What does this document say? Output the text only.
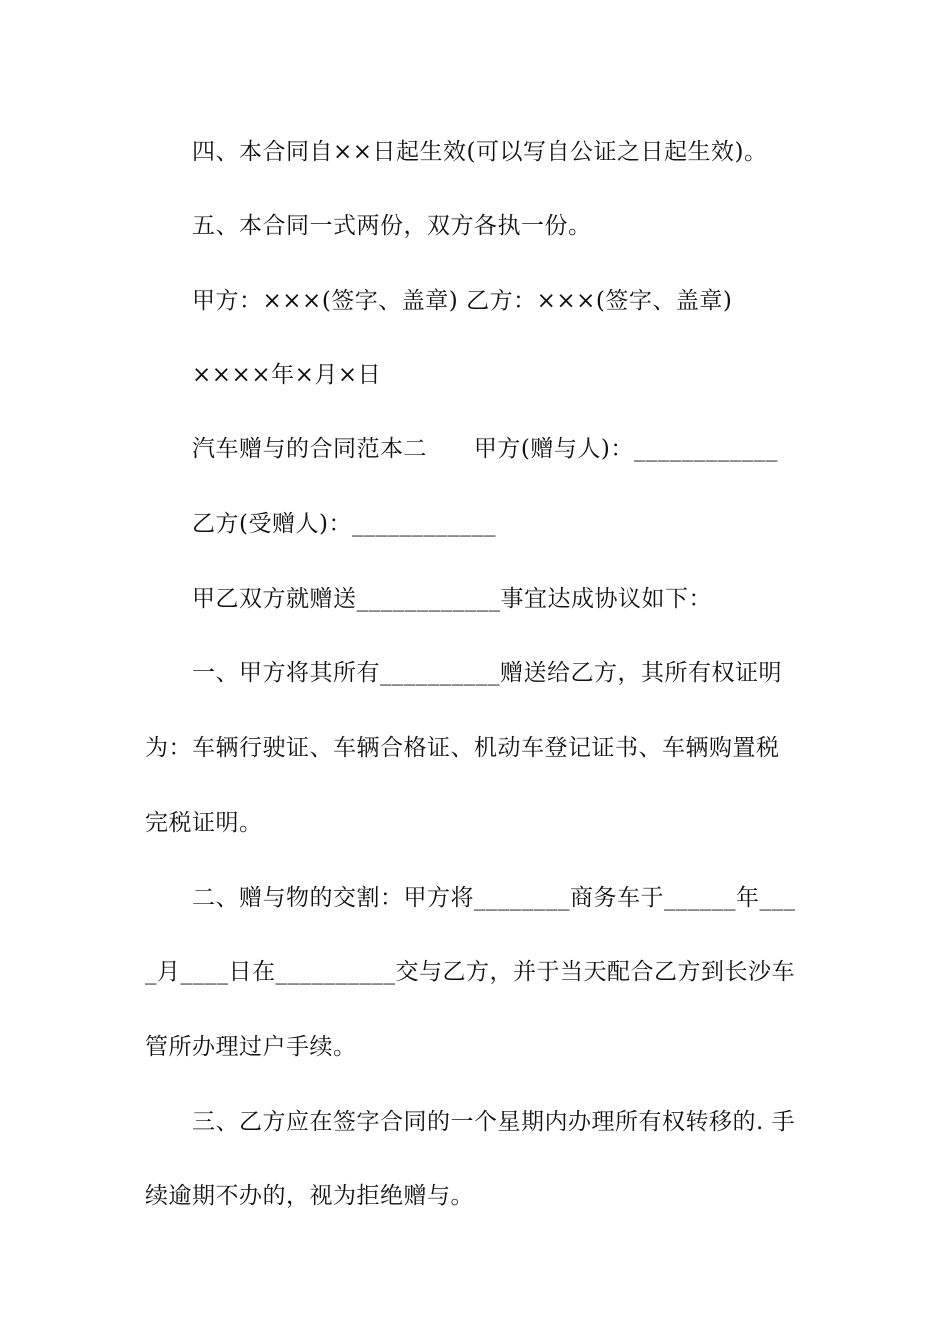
四、本合同自××日起生效(可以写自公证之日起生效)。
五、本合同一式两份，双方各执一份。
甲方：×××(签字、盖章) 乙方：×××(签字、盖章)
××××年×月×日
汽车赠与的合同范本二      甲方(赠与人)：____________
乙方(受赠人)：____________
甲乙双方就赠送____________事宜达成协议如下：
一、甲方将其所有__________赠送给乙方，其所有权证明
为：车辆行驶证、车辆合格证、机动车登记证书、车辆购置税
完税证明。
二、赠与物的交割：甲方将________商务车于______年___
_月____日在__________交与乙方，并于当天配合乙方到长沙车
管所办理过户手续。
三、乙方应在签字合同的一个星期内办理所有权转移的. 手
续逾期不办的，视为拒绝赠与。
